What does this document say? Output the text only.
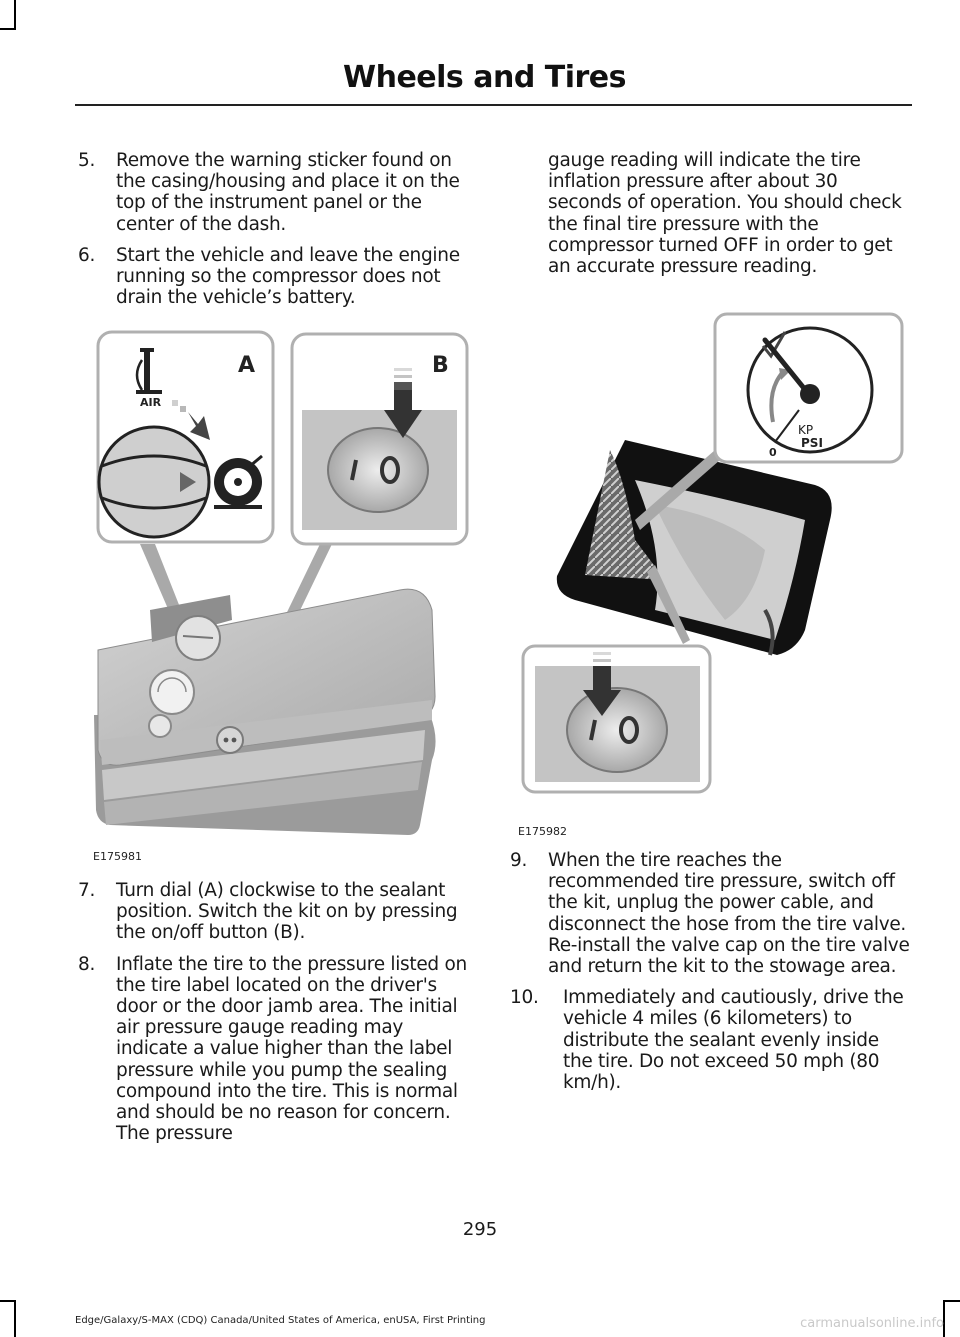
Wheels and Tires
5. Remove the warning sticker found on the casing/housing and place it on the top of the instrument panel or the center of the dash.
6. Start the vehicle and leave the engine running so the compressor does not drain the vehicle’s battery.
A
AIR
B
E175981
7. Turn dial (A) clockwise to the sealant position. Switch the kit on by pressing the on/off button (B).
8. Inflate the tire to the pressure listed on the tire label located on the driver's door or the door jamb area. The initial air pressure gauge reading may indicate a value higher than the label pressure while you pump the sealing compound into the tire. This is normal and should be no reason for concern. The pressure

gauge reading will indicate the tire inflation pressure after about 30 seconds of operation. You should check the final tire pressure with the compressor turned OFF in order to get an accurate pressure reading.

KP
PSI
0
E175982
9. When the tire reaches the recommended tire pressure, switch off the kit, unplug the power cable, and disconnect the hose from the tire valve. Re-install the valve cap on the tire valve and return the kit to the stowage area.
10. Immediately and cautiously, drive the vehicle 4 miles (6 kilometers) to distribute the sealant evenly inside the tire. Do not exceed 50 mph (80 km/h).
295
Edge/Galaxy/S-MAX (CDQ) Canada/United States of America, enUSA, First Printing	carmanualsonline.info
